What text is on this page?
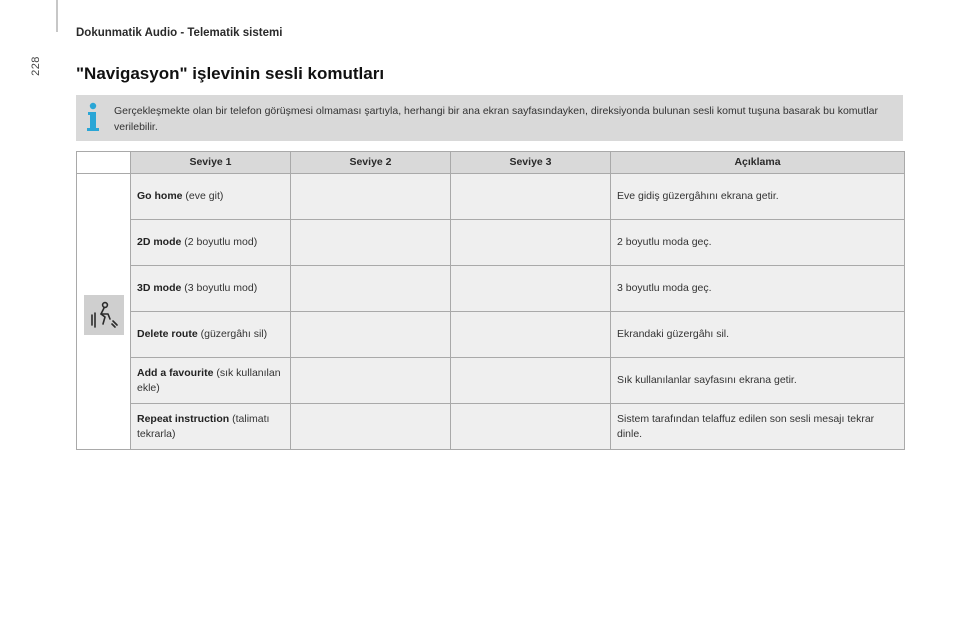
228
Dokunmatik Audio - Telematik sistemi
"Navigasyon" işlevinin sesli komutları
Gerçekleşmekte olan bir telefon görüşmesi olmaması şartıyla, herhangi bir ana ekran sayfasındayken, direksiyonda bulunan sesli komut tuşuna basarak bu komutlar verilebilir.
	Seviye 1	Seviye 2	Seviye 3	Açıklama

	Go home (eve git)			Eve gidiş güzergâhını ekrana getir.
	2D mode (2 boyutlu mod)			2 boyutlu moda geç.
	3D mode (3 boyutlu mod)			3 boyutlu moda geç.
	Delete route (güzergâhı sil)			Ekrandaki güzergâhı sil.
	Add a favourite (sık kullanılan ekle)			Sık kullanılanlar sayfasını ekrana getir.
	Repeat instruction (talimatı tekrarla)			Sistem tarafından telaffuz edilen son sesli mesajı tekrar dinle.
